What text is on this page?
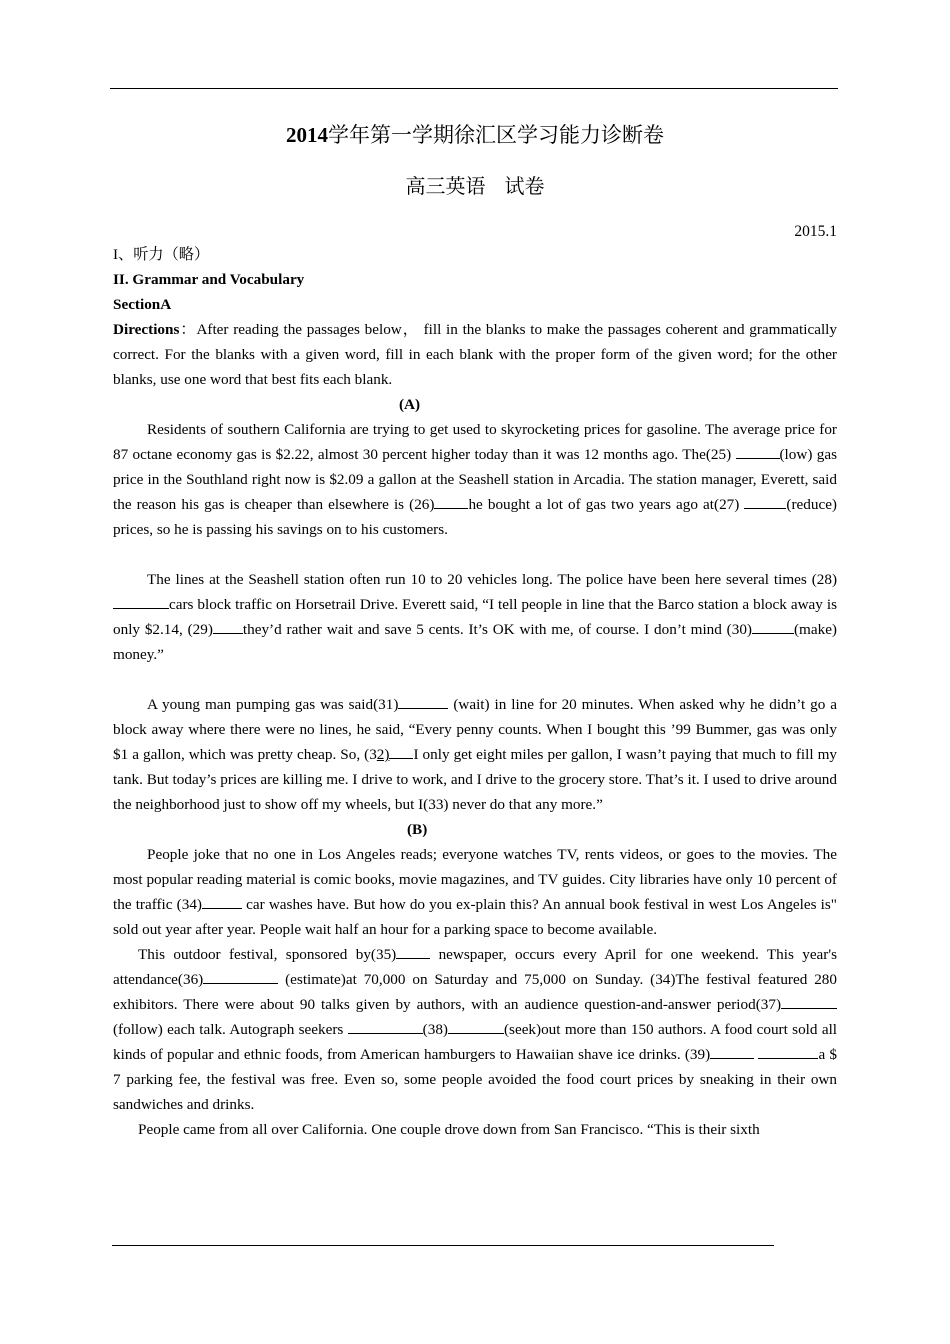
2014学年第一学期徐汇区学习能力诊断卷
高三英语 试卷
2015.1

I、听力（略）

II. Grammar and Vocabulary

SectionA

Directions：After reading the passages below， fill in the blanks to make the passages coherent and grammatically correct. For the blanks with a given word, fill in each blank with the proper form of the given word; for the other blanks, use one word that best fits each blank.

(A)

Residents of southern California are trying to get used to skyrocketing prices for gasoline. The average price for 87 octane economy gas is $2.22, almost 30 percent higher today than it was 12 months ago. The(25)	(low) gas price in the Southland right now is $2.09 a gallon at the Seashell station in Arcadia. The station manager, Everett, said the reason his gas is cheaper than elsewhere is (26) he bought a lot of gas two years ago at(27)	(reduce) prices, so he is passing his savings on to his customers.

The lines at the Seashell station often run 10 to 20 vehicles long. The police have been here several times (28)cars block traffic on Horsetrail Drive. Everett said, “I tell people in line that the Barco station a block away is only $2.14, (29) they’d rather wait and save 5 cents. It’s OK with me, of course. I don’t mind (30)	(make) money.”

A young man pumping gas was said(31)	(wait) in line for 20 minutes. When asked why he didn’t go a block away where there were no lines, he said, “Every penny counts. When I bought this ’99 Bummer, gas was only $1 a gallon, which was pretty cheap. So, (32) I only get eight miles per gallon, I wasn’t paying that much to fill my tank. But today’s prices are killing me. I drive to work, and I drive to the grocery store. That’s it. I used to drive around the neighborhood just to show off my wheels, but I(33) never do that any more.”

(B)

People joke that no one in Los Angeles reads; everyone watches TV, rents videos, or goes to the movies. The most popular reading material is comic books, movie magazines, and TV guides. City libraries have only 10 percent of the traffic (34)	car washes have. But how do you ex-plain this? An annual book festival in west Los Angeles is" sold out year after year. People wait half an hour for a parking space to become available.

This outdoor festival, sponsored by(35) newspaper, occurs every April for one weekend. This year's attendance(36)	(estimate)at 70,000 on Saturday and 75,000 on Sunday. (34)The festival featured 280 exhibitors. There were about 90 talks given by authors, with an audience question-and-answer period(37) (follow) each talk. Autograph seekers	(38)	(seek)out more than 150 authors. A food court sold all kinds of popular and ethnic foods, from American hamburgers to Hawaiian shave ice drinks. (39)	a $ 7 parking fee, the festival was free. Even so, some people avoided the food court prices by sneaking in their own sandwiches and drinks.

People came from all over California. One couple drove down from San Francisco. “This is their sixth
